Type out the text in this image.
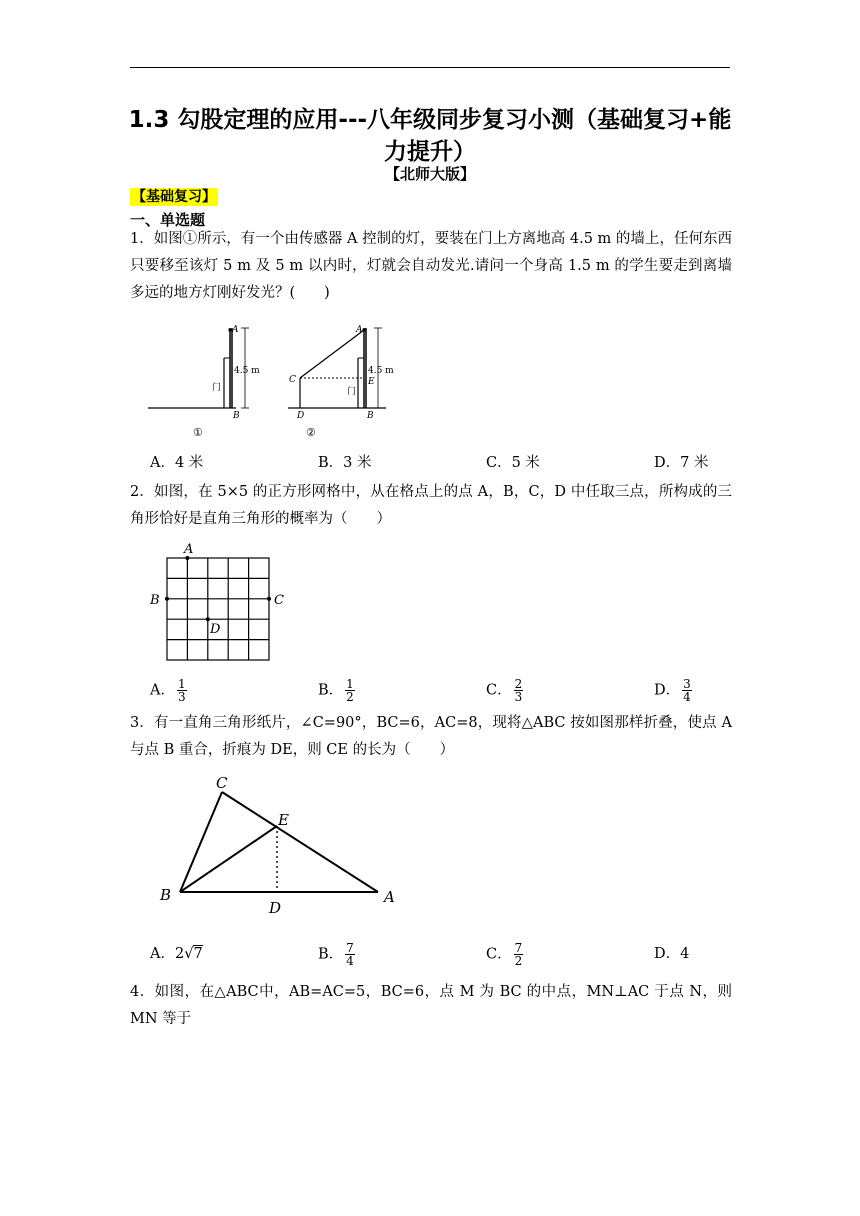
1.3 勾股定理的应用---八年级同步复习小测（基础复习+能力提升）
【北师大版】
【基础复习】
一、单选题
1．如图①所示，有一个由传感器 A 控制的灯，要装在门上方离地高 4.5 m 的墙上，任何东西只要移至该灯 5 m 及 5 m 以内时，灯就会自动发光.请问一个身高 1.5 m 的学生要走到离墙多远的地方灯刚好发光？(　　)
A
B
4.5 m
门
①
A
B
C
D
E
4.5 m
门
②
A．4 米	B．3 米	C．5 米	D．7 米
2．如图，在 5×5 的正方形网格中，从在格点上的点 A，B，C，D 中任取三点，所构成的三角形恰好是直角三角形的概率为（　　）
A
B	C
D
A． $\frac{1}{3}$	B． $\frac{1}{2}$	C． $\frac{2}{3}$	D． $\frac{3}{4}$
3．有一直角三角形纸片，∠C=90°，BC=6，AC=8，现将△ABC 按如图那样折叠，使点 A 与点 B 重合，折痕为 DE，则 CE 的长为（　　）
C
E
B
D
A
A．2√7	B． $\frac{7}{4}$	C． $\frac{7}{2}$	D．4
4．如图，在△ABC中，AB=AC=5，BC=6，点 M 为 BC 的中点，MN⊥AC 于点 N，则 MN 等于
